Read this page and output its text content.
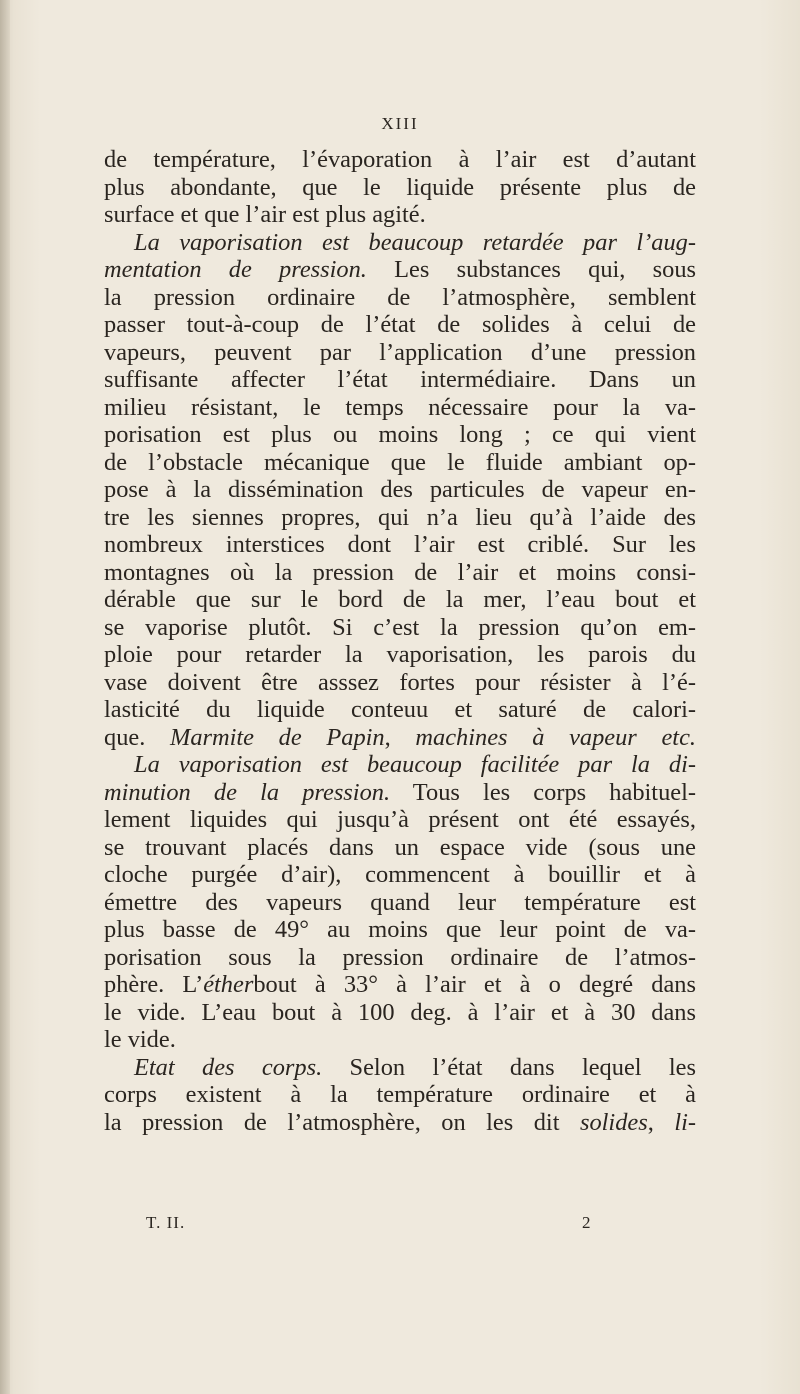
XIII
de température, l’évaporation à l’air est d’autant
plus abondante, que le liquide présente plus de
surface et que l’air est plus agité.
La vaporisation est beaucoup retardée par l’aug-
mentation de pression. Les substances qui, sous
la pression ordinaire de l’atmosphère, semblent
passer tout-à-coup de l’état de solides à celui de
vapeurs, peuvent par l’application d’une pression
suffisante affecter l’état intermédiaire. Dans un
milieu résistant, le temps nécessaire pour la va-
porisation est plus ou moins long ; ce qui vient
de l’obstacle mécanique que le fluide ambiant op-
pose à la dissémination des particules de vapeur en-
tre les siennes propres, qui n’a lieu qu’à l’aide des
nombreux interstices dont l’air est criblé. Sur les
montagnes où la pression de l’air et moins consi-
dérable que sur le bord de la mer, l’eau bout et
se vaporise plutôt. Si c’est la pression qu’on em-
ploie pour retarder la vaporisation, les parois du
vase doivent être asssez fortes pour résister à l’é-
lasticité du liquide conteuu et saturé de calori-
que. Marmite de Papin, machines à vapeur etc.
La vaporisation est beaucoup facilitée par la di-
minution de la pression. Tous les corps habituel-
lement liquides qui jusqu’à présent ont été essayés,
se trouvant placés dans un espace vide (sous une
cloche purgée d’air), commencent à bouillir et à
émettre des vapeurs quand leur température est
plus basse de 49° au moins que leur point de va-
porisation sous la pression ordinaire de l’atmos-
phère. L’étherbout à 33° à l’air et à o degré dans
le vide. L’eau bout à 100 deg. à l’air et à 30 dans
le vide.
Etat des corps. Selon l’état dans lequel les
corps existent à la température ordinaire et à
la pression de l’atmosphère, on les dit solides, li-
T. II.	2
